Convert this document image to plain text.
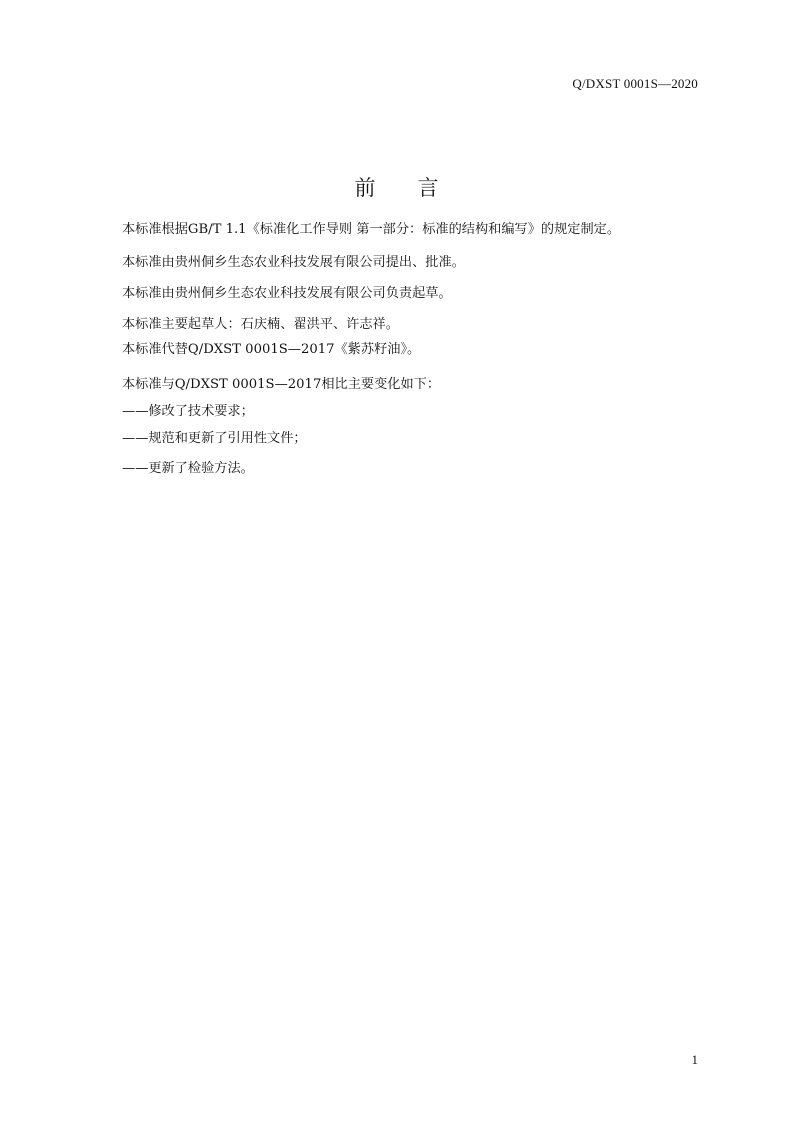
Q/DXST 0001S—2020
前 言
本标准根据GB/T 1.1《标准化工作导则 第一部分：标准的结构和编写》的规定制定。
本标准由贵州侗乡生态农业科技发展有限公司提出、批准。
本标准由贵州侗乡生态农业科技发展有限公司负责起草。
本标准主要起草人：石庆楠、翟洪平、许志祥。
本标准代替Q/DXST 0001S—2017《紫苏籽油》。
本标准与Q/DXST 0001S—2017相比主要变化如下：
——修改了技术要求；
——规范和更新了引用性文件；
——更新了检验方法。
1
